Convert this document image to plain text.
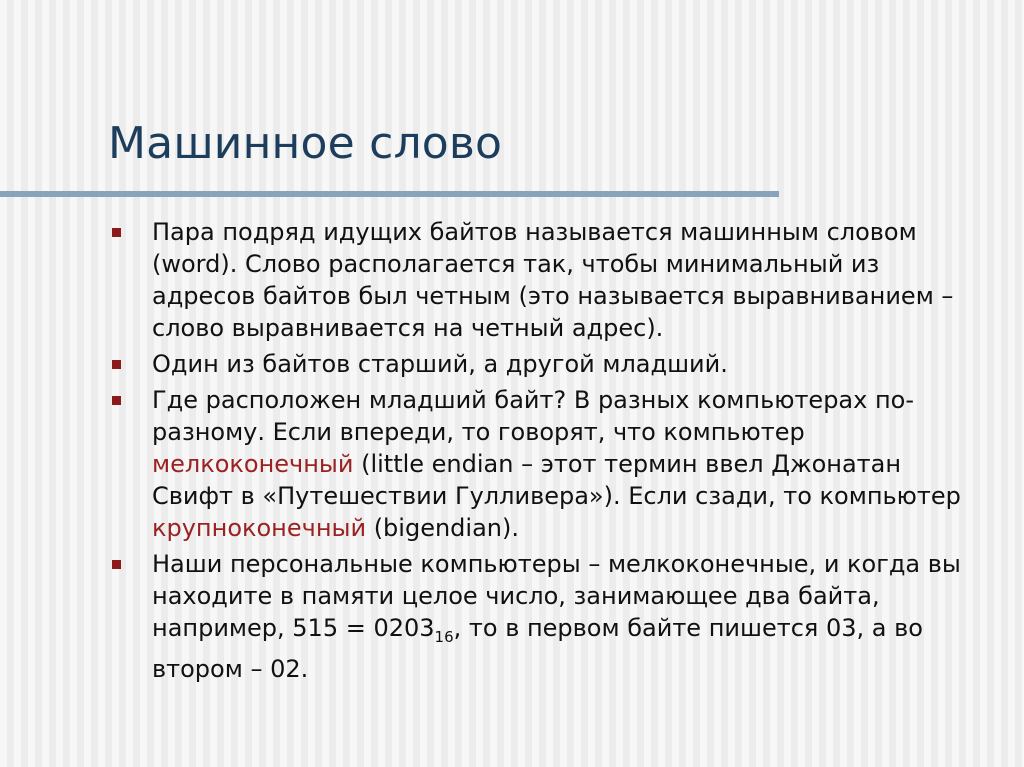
Машинное слово
Пара подряд идущих байтов называется машинным словом (word). Слово располагается так, чтобы минимальный из адресов байтов был четным (это называется выравниванием – слово выравнивается на четный адрес).
Один из байтов старший, а другой младший.
Где расположен младший байт? В разных компьютерах по-разному. Если впереди, то говорят, что компьютер мелкоконечный (little endian – этот термин ввел Джонатан Свифт в «Путешествии Гулливера»). Если сзади, то компьютер крупноконечный (bigendian).
Наши персональные компьютеры – мелкоконечные, и когда вы находите в памяти целое число, занимающее два байта, например, $515 = 0203_{16}$, то в первом байте пишется 03, а во втором – 02.
